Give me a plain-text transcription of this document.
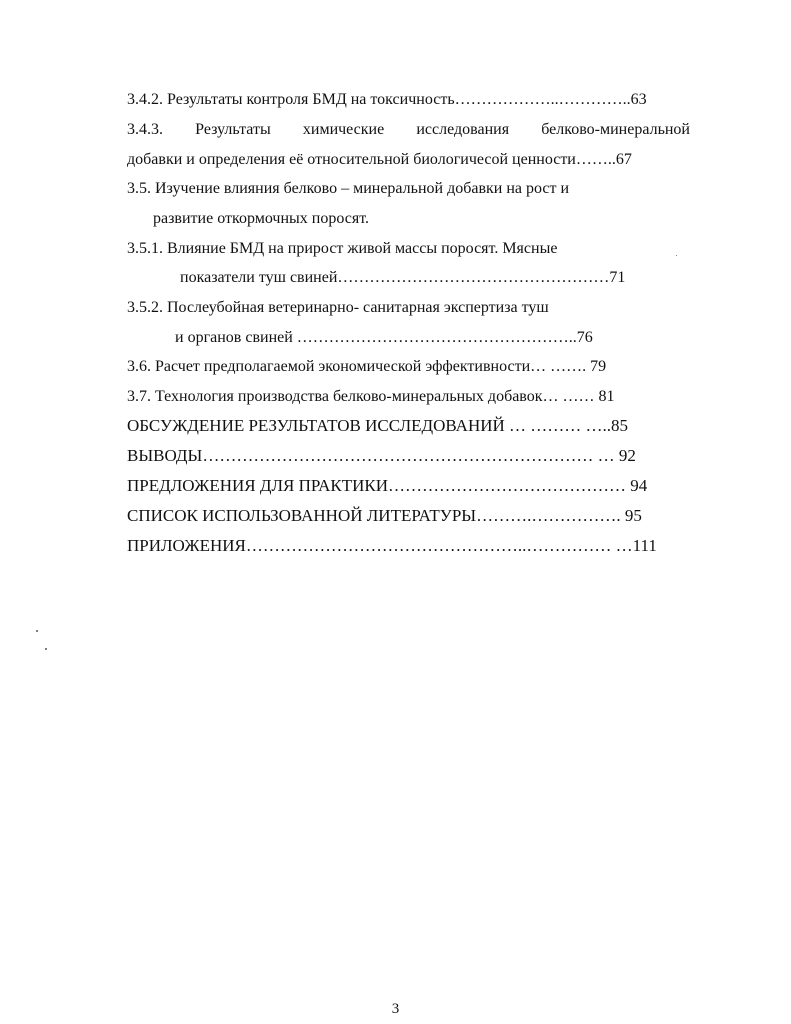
3.4.2. Результаты контроля БМД на токсичность………………..…………..63

3.4.3. Результаты химические исследования белково-минеральной

добавки и определения её относительной биологичесой ценности……..67

3.5. Изучение влияния белково – минеральной добавки на рост и

развитие откормочных поросят.

3.5.1. Влияние БМД на прирост живой массы поросят. Мясные

показатели туш свиней……………………………………………71

3.5.2. Послеубойная ветеринарно- санитарная экспертиза туш

и органов свиней ……………………………………………..76

3.6. Расчет предполагаемой экономической эффективности… ……. 79

3.7. Технология производства белково-минеральных добавок… …… 81

ОБСУЖДЕНИЕ РЕЗУЛЬТАТОВ ИССЛЕДОВАНИЙ … ……… …..85

ВЫВОДЫ…………………………………………………………… … 92

ПРЕДЛОЖЕНИЯ ДЛЯ ПРАКТИКИ…………………………………… 94

СПИСОК ИСПОЛЬЗОВАННОЙ ЛИТЕРАТУРЫ……….……………. 95

ПРИЛОЖЕНИЯ…………………………………………..…………… …111

3
